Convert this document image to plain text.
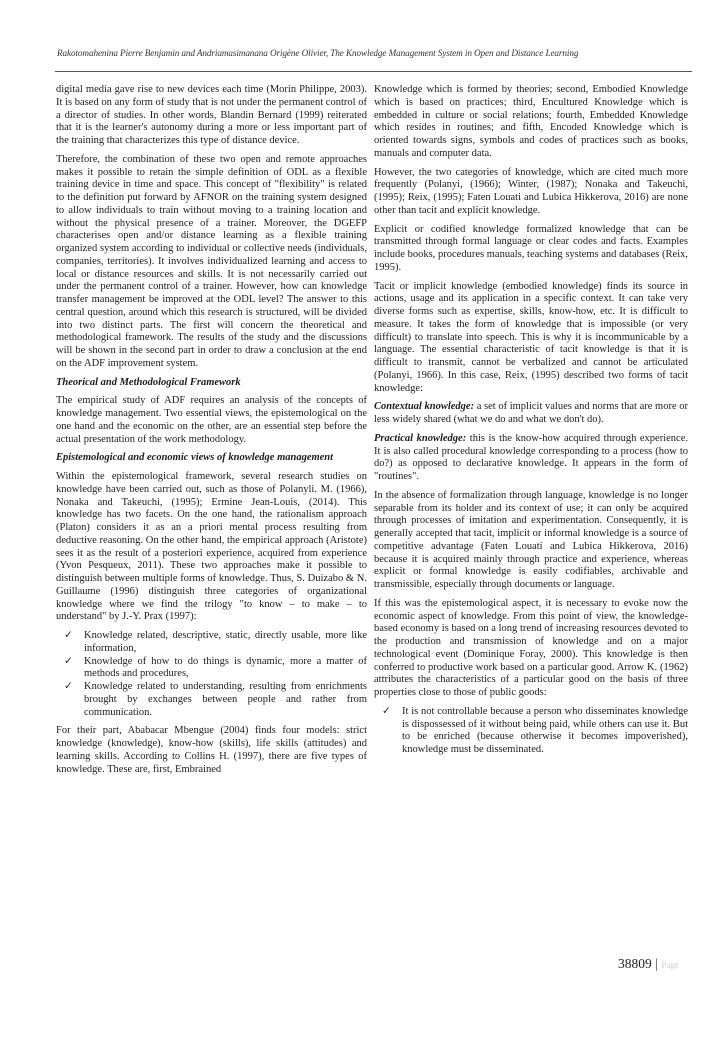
Rakotomahenina Pierre Benjamin and Andriamasimanana Origène Olivier, The Knowledge Management System in Open and Distance Learning

digital media gave rise to new devices each time (Morin Philippe, 2003). It is based on any form of study that is not under the permanent control of a director of studies. In other words, Blandin Bernard (1999) reiterated that it is the learner's autonomy during a more or less important part of the training that characterizes this type of distance device.

Therefore, the combination of these two open and remote approaches makes it possible to retain the simple definition of ODL as a flexible training device in time and space. This concept of "flexibility" is related to the definition put forward by AFNOR on the training system designed to allow individuals to train without moving to a training location and without the physical presence of a trainer. Moreover, the DGEFP characterises open and/or distance learning as a flexible training organized system according to individual or collective needs (individuals, companies, territories). It involves individualized learning and access to local or distance resources and skills. It is not necessarily carried out under the permanent control of a trainer. However, how can knowledge transfer management be improved at the ODL level? The answer to this central question, around which this research is structured, will be divided into two distinct parts. The first will concern the theoretical and methodological framework. The results of the study and the discussions will be shown in the second part in order to draw a conclusion at the end on the ADF improvement system.

Theorical and Methodological Framework

The empirical study of ADF requires an analysis of the concepts of knowledge management. Two essential views, the epistemological on the one hand and the economic on the other, are an essential step before the actual presentation of the work methodology.

Epistemological and economic views of knowledge management

Within the epistemological framework, several research studies on knowledge have been carried out, such as those of Polanyli. M. (1966), Nonaka and Takeuchi, (1995); Ermine Jean-Louis, (2014). This knowledge has two facets. On the one hand, the rationalism approach (Platon) considers it as an a priori mental process resulting from deductive reasoning. On the other hand, the empirical approach (Aristote) sees it as the result of a posteriori experience, acquired from experience (Yvon Pesqueux, 2011). These two approaches make it possible to distinguish between multiple forms of knowledge. Thus, S. Duizabo & N. Guillaume (1996) distinguish three categories of organizational knowledge where we find the trilogy "to know – to make – to understand" by J.-Y. Prax (1997):

✓ Knowledge related, descriptive, static, directly usable, more like information,
✓ Knowledge of how to do things is dynamic, more a matter of methods and procedures,
✓ Knowledge related to understanding, resulting from enrichments brought by exchanges between people and rather from communication.

For their part, Ababacar Mbengue (2004) finds four models: strict knowledge (knowledge), know-how (skills), life skills (attitudes) and learning skills. According to Collins H. (1997), there are five types of knowledge. These are, first, Embrained

Knowledge which is formed by theories; second, Embodied Knowledge which is based on practices; third, Encultured Knowledge which is embedded in culture or social relations; fourth, Embedded Knowledge which resides in routines; and fifth, Encoded Knowledge which is oriented towards signs, symbols and codes of practices such as books, manuals and computer data.

However, the two categories of knowledge, which are cited much more frequently (Polanyi, (1966); Winter, (1987); Nonaka and Takeuchi, (1995); Reix, (1995); Faten Louati and Lubica Hikkerova, 2016) are none other than tacit and explicit knowledge.

Explicit or codified knowledge formalized knowledge that can be transmitted through formal language or clear codes and facts. Examples include books, procedures manuals, teaching systems and databases (Reix, 1995).

Tacit or implicit knowledge (embodied knowledge) finds its source in actions, usage and its application in a specific context. It can take very diverse forms such as expertise, skills, know-how, etc. It is difficult to measure. It takes the form of knowledge that is impossible (or very difficult) to translate into speech. This is why it is incommunicable by a language. The essential characteristic of tacit knowledge is that it is difficult to transmit, cannot be verbalized and cannot be articulated (Polanyi, 1966). In this case, Reix, (1995) described two forms of tacit knowledge:

Contextual knowledge: a set of implicit values and norms that are more or less widely shared (what we do and what we don't do).

Practical knowledge: this is the know-how acquired through experience. It is also called procedural knowledge corresponding to a process (how to do?) as opposed to declarative knowledge. It appears in the form of "routines".

In the absence of formalization through language, knowledge is no longer separable from its holder and its context of use; it can only be acquired through processes of imitation and experimentation. Consequently, it is generally accepted that tacit, implicit or informal knowledge is a source of competitive advantage (Faten Louati and Lubica Hikkerova, 2016) because it is acquired mainly through practice and experience, whereas explicit or formal knowledge is easily codifiables, archivable and transmissible, especially through documents or language.

If this was the epistemological aspect, it is necessary to evoke now the economic aspect of knowledge. From this point of view, the knowledge-based economy is based on a long trend of increasing resources devoted to the production and transmission of knowledge and on a major technological event (Dominique Foray, 2000). This knowledge is then conferred to productive work based on a particular good. Arrow K. (1962) attributes the characteristics of a particular good on the basis of three properties close to those of public goods:

✓ It is not controllable because a person who disseminates knowledge is dispossessed of it without being paid, while others can use it. But to be enriched (because otherwise it becomes impoverished), knowledge must be disseminated.
38809 | Page
